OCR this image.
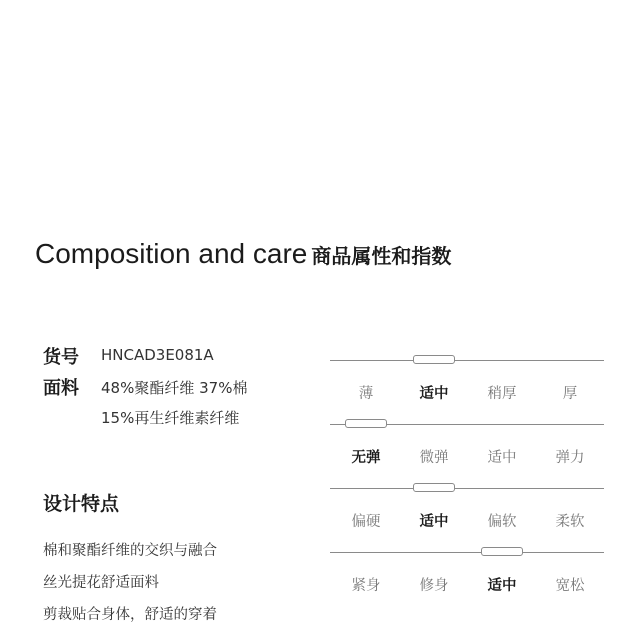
Composition and care 商品属性和指数
货号 HNCAD3E081A
面料 48%聚酯纤维 37%棉
15%再生纤维素纤维
设计特点
棉和聚酯纤维的交织与融合
丝光提花舒适面料
剪裁贴合身体，舒适的穿着
薄	适中	稍厚	厚
无弹	微弹	适中	弹力
偏硬	适中	偏软	柔软
紧身	修身	适中	宽松
